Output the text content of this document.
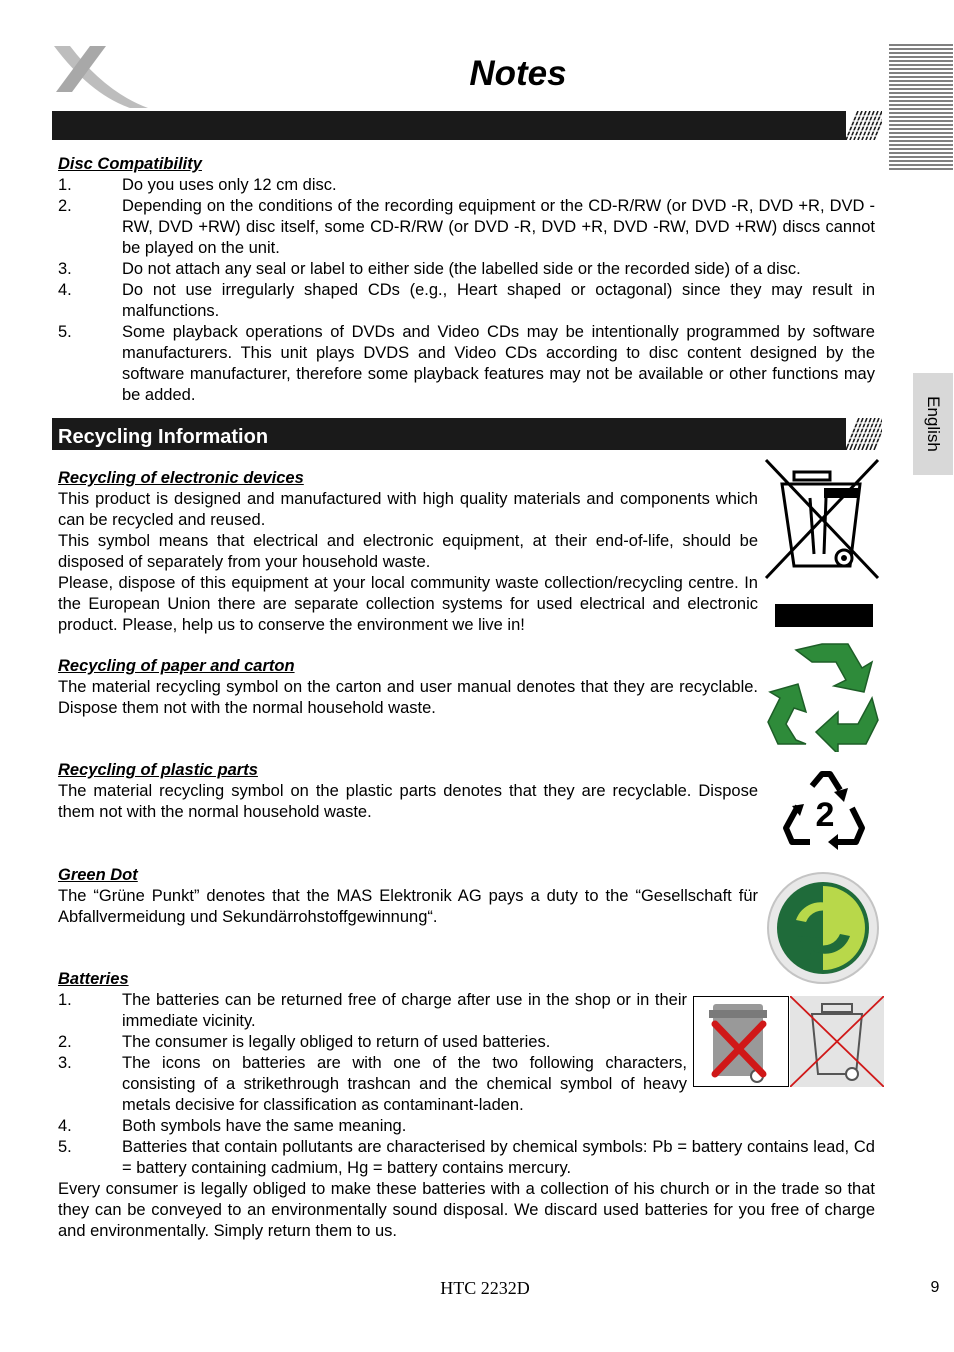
Notes
English
Disc Compatibility
1.	Do you uses only 12 cm disc.
2.	Depending on the conditions of the recording equipment or the CD-R/RW (or DVD -R, DVD +R, DVD -RW, DVD +RW) disc itself, some CD-R/RW (or DVD -R, DVD +R, DVD -RW, DVD +RW) discs cannot be played on the unit.
3.	Do not attach any seal or label to either side (the labelled side or the recorded side) of a disc.
4.	Do not use irregularly shaped CDs (e.g., Heart shaped or octagonal) since they may result in malfunctions.
5.	Some playback operations of DVDs and Video CDs may be intentionally programmed by software manufacturers. This unit plays DVDS and Video CDs according to disc content designed by the software manufacturer, therefore some playback features may not be available or other functions may be added.
Recycling Information
Recycling of electronic devices
This product is designed and manufactured with high quality materials and components which can be recycled and reused.
This symbol means that electrical and electronic equipment, at their end-of-life, should be disposed of separately from your household waste.
Please, dispose of this equipment at your local community waste collection/recycling centre. In the European Union there are separate collection systems for used electrical and electronic product. Please, help us to conserve the environment we live in!
Recycling of paper and carton
The material recycling symbol on the carton and user manual denotes that they are recyclable. Dispose them not with the normal household waste.
Recycling of plastic parts
The material recycling symbol on the plastic parts denotes that they are recyclable. Dispose them not with the normal household waste.	2
Green Dot
The “Grüne Punkt” denotes that the MAS Elektronik AG pays a duty to the “Gesellschaft für Abfallvermeidung und Sekundärrohstoffgewinnung“.
Batteries
1.	The batteries can be returned free of charge after use in the shop or in their immediate vicinity.
2.	The consumer is legally obliged to return of used batteries.
3.	The icons on batteries are with one of the two following characters, consisting of a strikethrough trashcan and the chemical symbol of heavy metals decisive for classification as contaminant-laden.
4.	Both symbols have the same meaning.
5.	Batteries that contain pollutants are characterised by chemical symbols: Pb = battery contains lead, Cd = battery containing cadmium, Hg = battery contains mercury.
Every consumer is legally obliged to make these batteries with a collection of his church or in the trade so that they can be conveyed to an environmentally sound disposal. We discard used batteries for you free of charge and environmentally. Simply return them to us.
HTC 2232D	9
